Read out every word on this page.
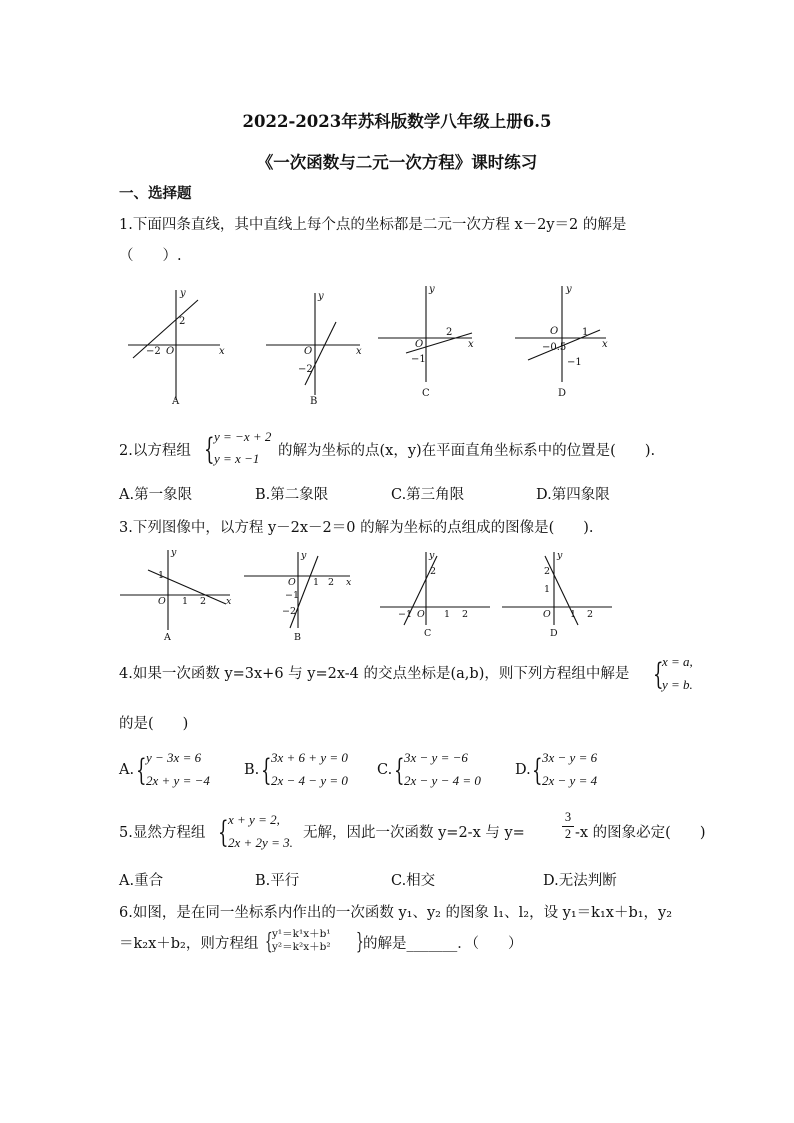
2022-2023年苏科版数学八年级上册6.5
《一次函数与二元一次方程》课时练习
一、选择题
1.下面四条直线，其中直线上每个点的坐标都是二元一次方程 x－2y＝2 的解是
（　　）.
y
x
2
−2 O
A
y
x
−2
O
B
y
x
2
−1
O
C
y
x
1
−0.5
−1
O
D
2.以方程组 { y = −x + 2
y = x −1 的解为坐标的点(x，y)在平面直角坐标系中的位置是(　　).
A.第一象限	B.第二象限	C.第三角限	D.第四象限
3.下列图像中，以方程 y－2x－2＝0 的解为坐标的点组成的图像是(　　).
y
x
1
O 1 2
A
y
x
O 1 2
−1
−2
B
y
2
−1 O 1 2
C
y
2
1
O 1 2
D
4.如果一次函数 y=3x+6 与 y=2x-4 的交点坐标是(a,b)，则下列方程组中解是 {
x = a,
y = b.
的是(　　)
A. { y − 3x = 6
2x + y = −4
B. { 3x + 6 + y = 0
2x − 4 − y = 0
C. { 3x − y = −6
2x − y − 4 = 0
D. { 3x − y = 6
2x − y = 4
5.显然方程组 { x + y = 2,
2x + 2y = 3.
无解，因此一次函数 y=2-x 与 y=
3
2 -x 的图象必定(　　)
A.重合	B.平行	C.相交	D.无法判断
6.如图，是在同一坐标系内作出的一次函数 y₁、y₂ 的图象 l₁、l₂，设 y₁＝k₁x＋b₁，y₂
＝k₂x＋b₂，则方程组 { y¹＝k¹x＋b¹
y²＝k²x＋b² } 的解是_______．（　　）
